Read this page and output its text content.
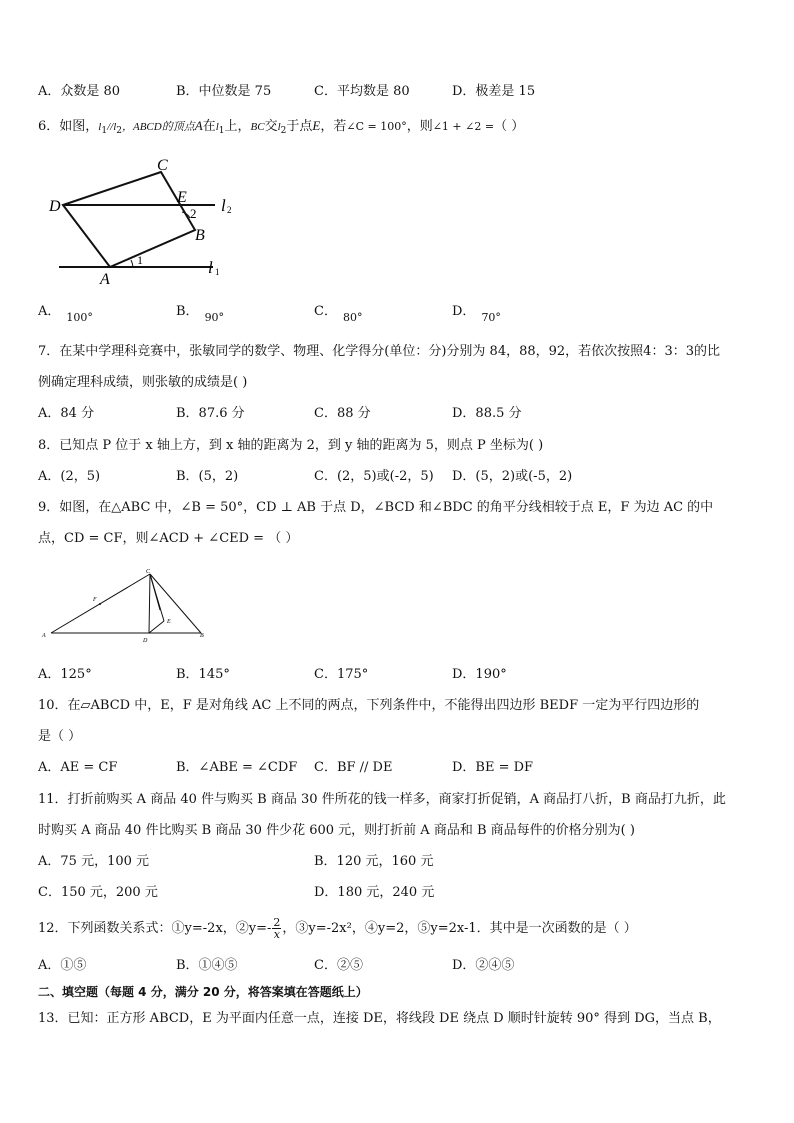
A．众数是 80	B．中位数是 75	C．平均数是 80	D．极差是 15
6．如图，$l_1//l_2$，ABCD的顶点A在$l_1$上，BC交$l_2$于点E，若∠C = 100°，则∠1 + ∠2 =（ ）
C
D
E
2 l 2
B
A
1	l 1
A． $_{100^\circ}$	B． $_{90^\circ}$	C． $_{80^\circ}$	D． $_{70^\circ}$
7．在某中学理科竞赛中，张敏同学的数学、物理、化学得分(单位：分)分别为 84，88，92，若依次按照4：3：3的比
例确定理科成绩，则张敏的成绩是( )
A．84 分	B．87.6 分	C．88 分	D．88.5 分
8．已知点 P 位于 x 轴上方，到 x 轴的距离为 2，到 y 轴的距离为 5，则点 P 坐标为( )
A．(2，5)	B．(5，2)	C．(2，5)或(-2，5) D．(5，2)或(-5，2)
9．如图，在△ABC 中，∠B = 50°，CD ⊥ AB 于点 D，∠BCD 和∠BDC 的角平分线相较于点 E，F 为边 AC 的中
点，CD = CF，则∠ACD + ∠CED = （ ）
C
F
E
A
D
B
A．125°	B．145°	C．175°	D．190°
10．在▱ABCD 中，E，F 是对角线 AC 上不同的两点，下列条件中，不能得出四边形 BEDF 一定为平行四边形的
是（ ）
A．AE = CF	B．∠ABE = ∠CDF C．BF // DE	D．BE = DF
11．打折前购买 A 商品 40 件与购买 B 商品 30 件所花的钱一样多，商家打折促销，A 商品打八折，B 商品打九折，此
时购买 A 商品 40 件比购买 B 商品 30 件少花 600 元，则打折前 A 商品和 B 商品每件的价格分别为( )
A．75 元，100 元	B．120 元，160 元
C．150 元，200 元	D．180 元，240 元
12．下列函数关系式：①y=-2x，②y=- $\frac{2}{x}$ ，③y=-2x²，④y=2，⑤y=2x-1．其中是一次函数的是（ ）
A．①⑤	B．①④⑤	C．②⑤	D．②④⑤
二、填空题（每题 4 分，满分 20 分，将答案填在答题纸上）
13．已知：正方形 ABCD，E 为平面内任意一点，连接 DE，将线段 DE 绕点 D 顺时针旋转 90° 得到 DG，当点 B，
